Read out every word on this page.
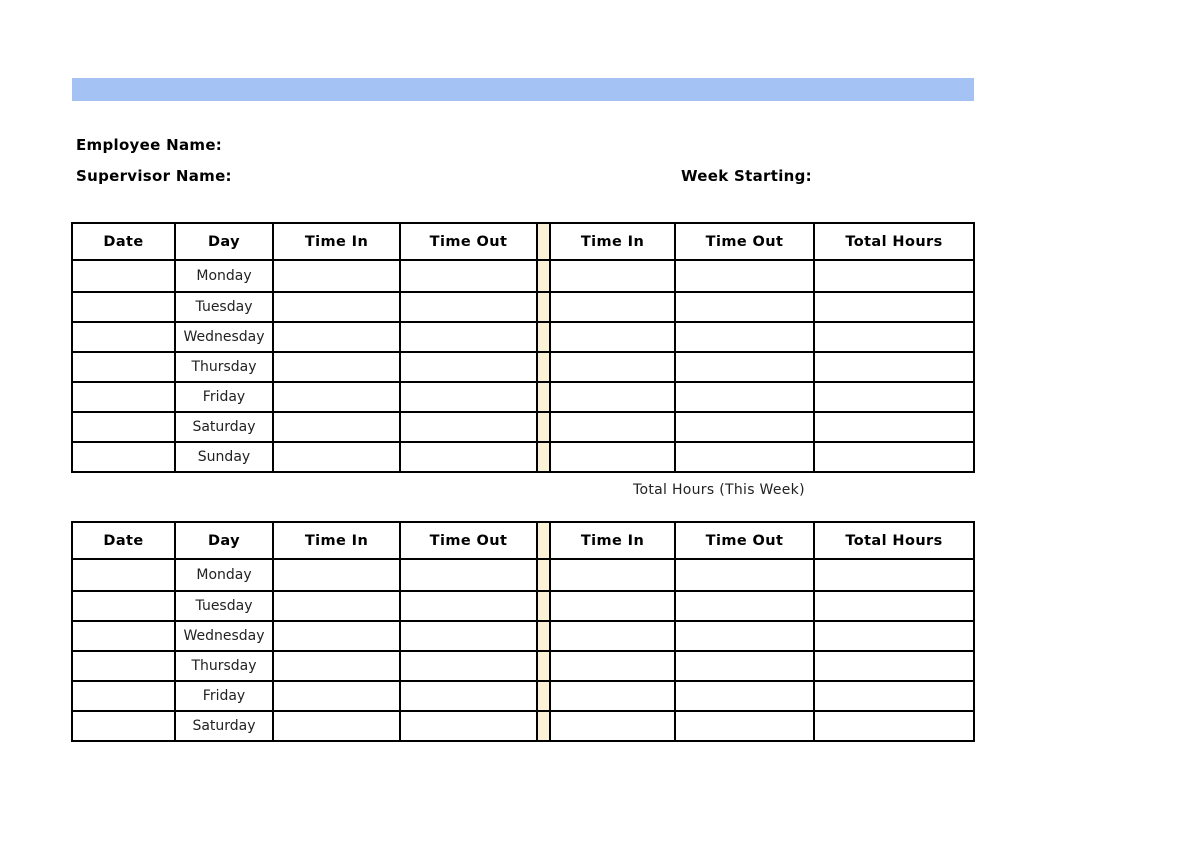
Employee Name:
Supervisor Name:	Week Starting:
Date	Day	Time In	Time Out		Time In	Time Out	Total Hours
	Monday						
	Tuesday						
	Wednesday						
	Thursday						
	Friday						
	Saturday						
	Sunday						
Total Hours (This Week)
Date	Day	Time In	Time Out		Time In	Time Out	Total Hours
	Monday						
	Tuesday						
	Wednesday						
	Thursday						
	Friday						
	Saturday						
